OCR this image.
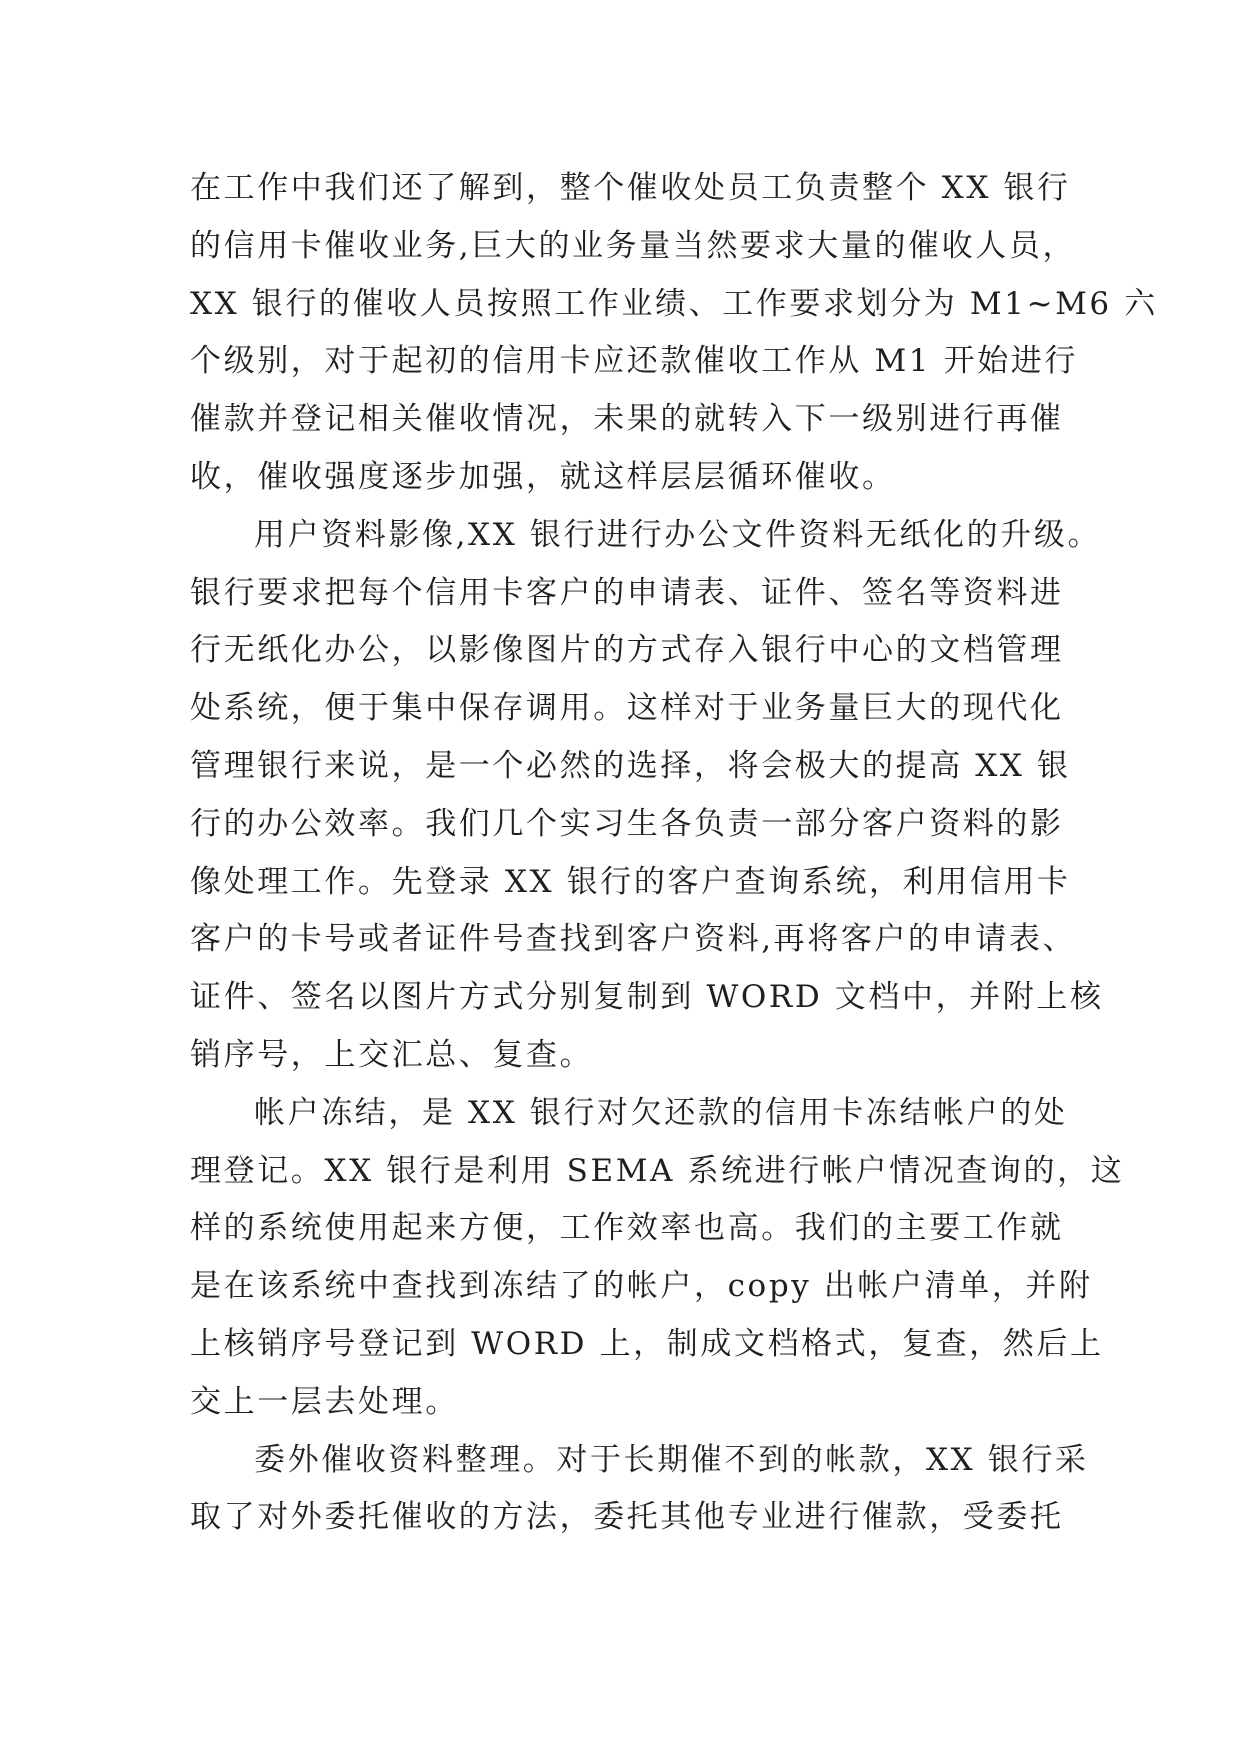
在工作中我们还了解到，整个催收处员工负责整个 XX 银行
的信用卡催收业务,巨大的业务量当然要求大量的催收人员，
XX 银行的催收人员按照工作业绩、工作要求划分为 M1~M6 六
个级别，对于起初的信用卡应还款催收工作从 M1 开始进行
催款并登记相关催收情况，未果的就转入下一级别进行再催
收，催收强度逐步加强，就这样层层循环催收。
用户资料影像,XX 银行进行办公文件资料无纸化的升级。
银行要求把每个信用卡客户的申请表、证件、签名等资料进
行无纸化办公，以影像图片的方式存入银行中心的文档管理
处系统，便于集中保存调用。这样对于业务量巨大的现代化
管理银行来说，是一个必然的选择，将会极大的提高 XX 银
行的办公效率。我们几个实习生各负责一部分客户资料的影
像处理工作。先登录 XX 银行的客户查询系统，利用信用卡
客户的卡号或者证件号查找到客户资料,再将客户的申请表、
证件、签名以图片方式分别复制到 WORD 文档中，并附上核
销序号，上交汇总、复查。
帐户冻结，是 XX 银行对欠还款的信用卡冻结帐户的处
理登记。XX 银行是利用 SEMA 系统进行帐户情况查询的，这
样的系统使用起来方便，工作效率也高。我们的主要工作就
是在该系统中查找到冻结了的帐户，copy 出帐户清单，并附
上核销序号登记到 WORD 上，制成文档格式，复查，然后上
交上一层去处理。
委外催收资料整理。对于长期催不到的帐款，XX 银行采
取了对外委托催收的方法，委托其他专业进行催款，受委托
